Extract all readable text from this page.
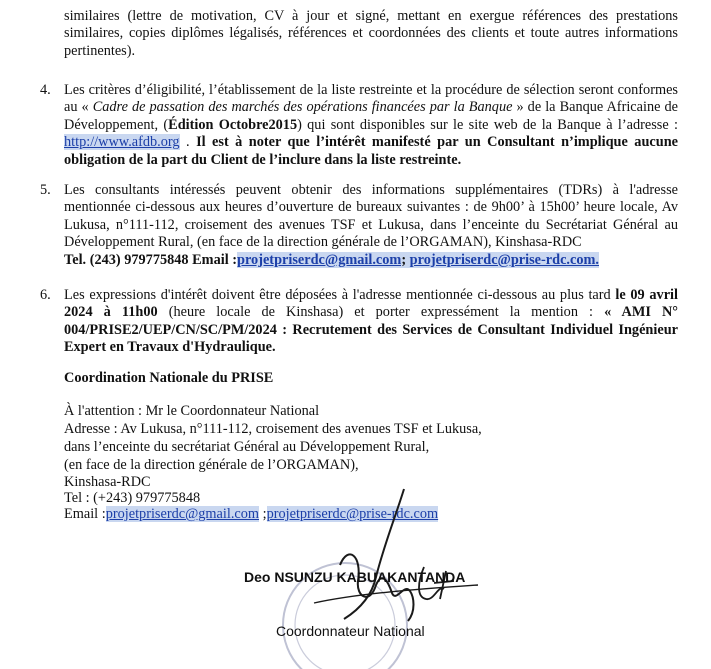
similaires (lettre de motivation, CV à jour et signé, mettant en exergue références des prestations similaires, copies diplômes légalisés, références et coordonnées des clients et toute autres informations pertinentes).
4. Les critères d’éligibilité, l’établissement de la liste restreinte et la procédure de sélection seront conformes au « Cadre de passation des marchés des opérations financées par la Banque » de la Banque Africaine de Développement, (Édition Octobre2015) qui sont disponibles sur le site web de la Banque à l’adresse : http://www.afdb.org . Il est à noter que l’intérêt manifesté par un Consultant n’implique aucune obligation de la part du Client de l’inclure dans la liste restreinte.
5. Les consultants intéressés peuvent obtenir des informations supplémentaires (TDRs) à l'adresse mentionnée ci-dessous aux heures d’ouverture de bureaux suivantes : de 9h00’ à 15h00’ heure locale, Av Lukusa, n°111-112, croisement des avenues TSF et Lukusa, dans l’enceinte du Secrétariat Général au Développement Rural, (en face de la direction générale de l’ORGAMAN), Kinshasa-RDC
Tel. (243) 979775848 Email :projetpriserdc@gmail.com; projetpriserdc@prise-rdc.com.
6. Les expressions d'intérêt doivent être déposées à l'adresse mentionnée ci-dessous au plus tard le 09 avril 2024 à 11h00 (heure locale de Kinshasa) et porter expressément la mention : « AMI N° 004/PRISE2/UEP/CN/SC/PM/2024 : Recrutement des Services de Consultant Individuel Ingénieur Expert en Travaux d'Hydraulique.
Coordination Nationale du PRISE
À l'attention : Mr le Coordonnateur National
Adresse : Av Lukusa, n°111-112, croisement des avenues TSF et Lukusa,
dans l’enceinte du secrétariat Général au Développement Rural,
(en face de la direction générale de l’ORGAMAN),
Kinshasa-RDC
Tel : (+243) 979775848
Email :projetpriserdc@gmail.com ;projetpriserdc@prise-rdc.com
Deo NSUNZU KABUAKANTANDA
Coordonnateur National
